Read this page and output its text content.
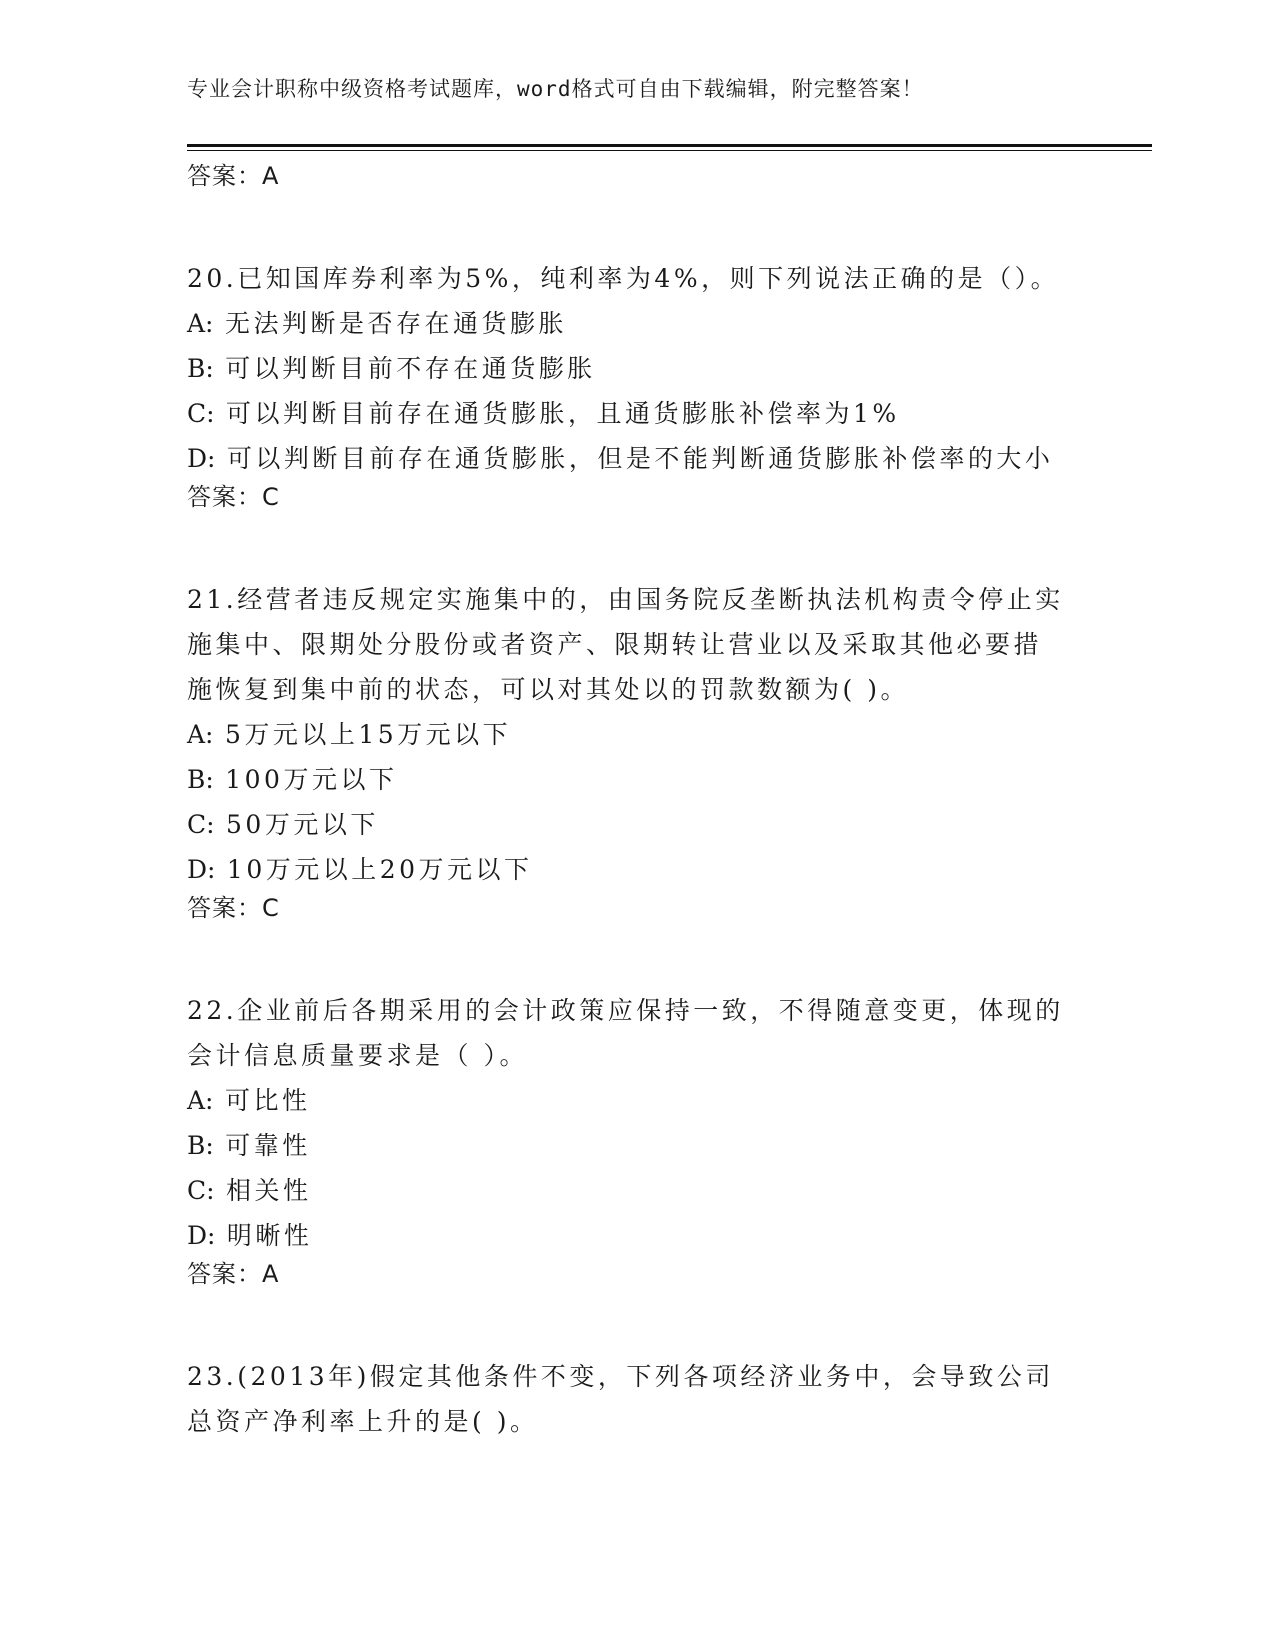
专业会计职称中级资格考试题库，word格式可自由下载编辑，附完整答案！
答案：A
20.已知国库券利率为5%，纯利率为4%，则下列说法正确的是（）。
A: 无法判断是否存在通货膨胀
B: 可以判断目前不存在通货膨胀
C: 可以判断目前存在通货膨胀，且通货膨胀补偿率为1%
D: 可以判断目前存在通货膨胀，但是不能判断通货膨胀补偿率的大小
答案：C
21.经营者违反规定实施集中的，由国务院反垄断执法机构责令停止实施集中、限期处分股份或者资产、限期转让营业以及采取其他必要措施恢复到集中前的状态，可以对其处以的罚款数额为( )。
A: 5万元以上15万元以下
B: 100万元以下
C: 50万元以下
D: 10万元以上20万元以下
答案：C
22.企业前后各期采用的会计政策应保持一致，不得随意变更，体现的会计信息质量要求是（ ）。
A: 可比性
B: 可靠性
C: 相关性
D: 明晰性
答案：A
23.(2013年)假定其他条件不变，下列各项经济业务中，会导致公司总资产净利率上升的是( )。
